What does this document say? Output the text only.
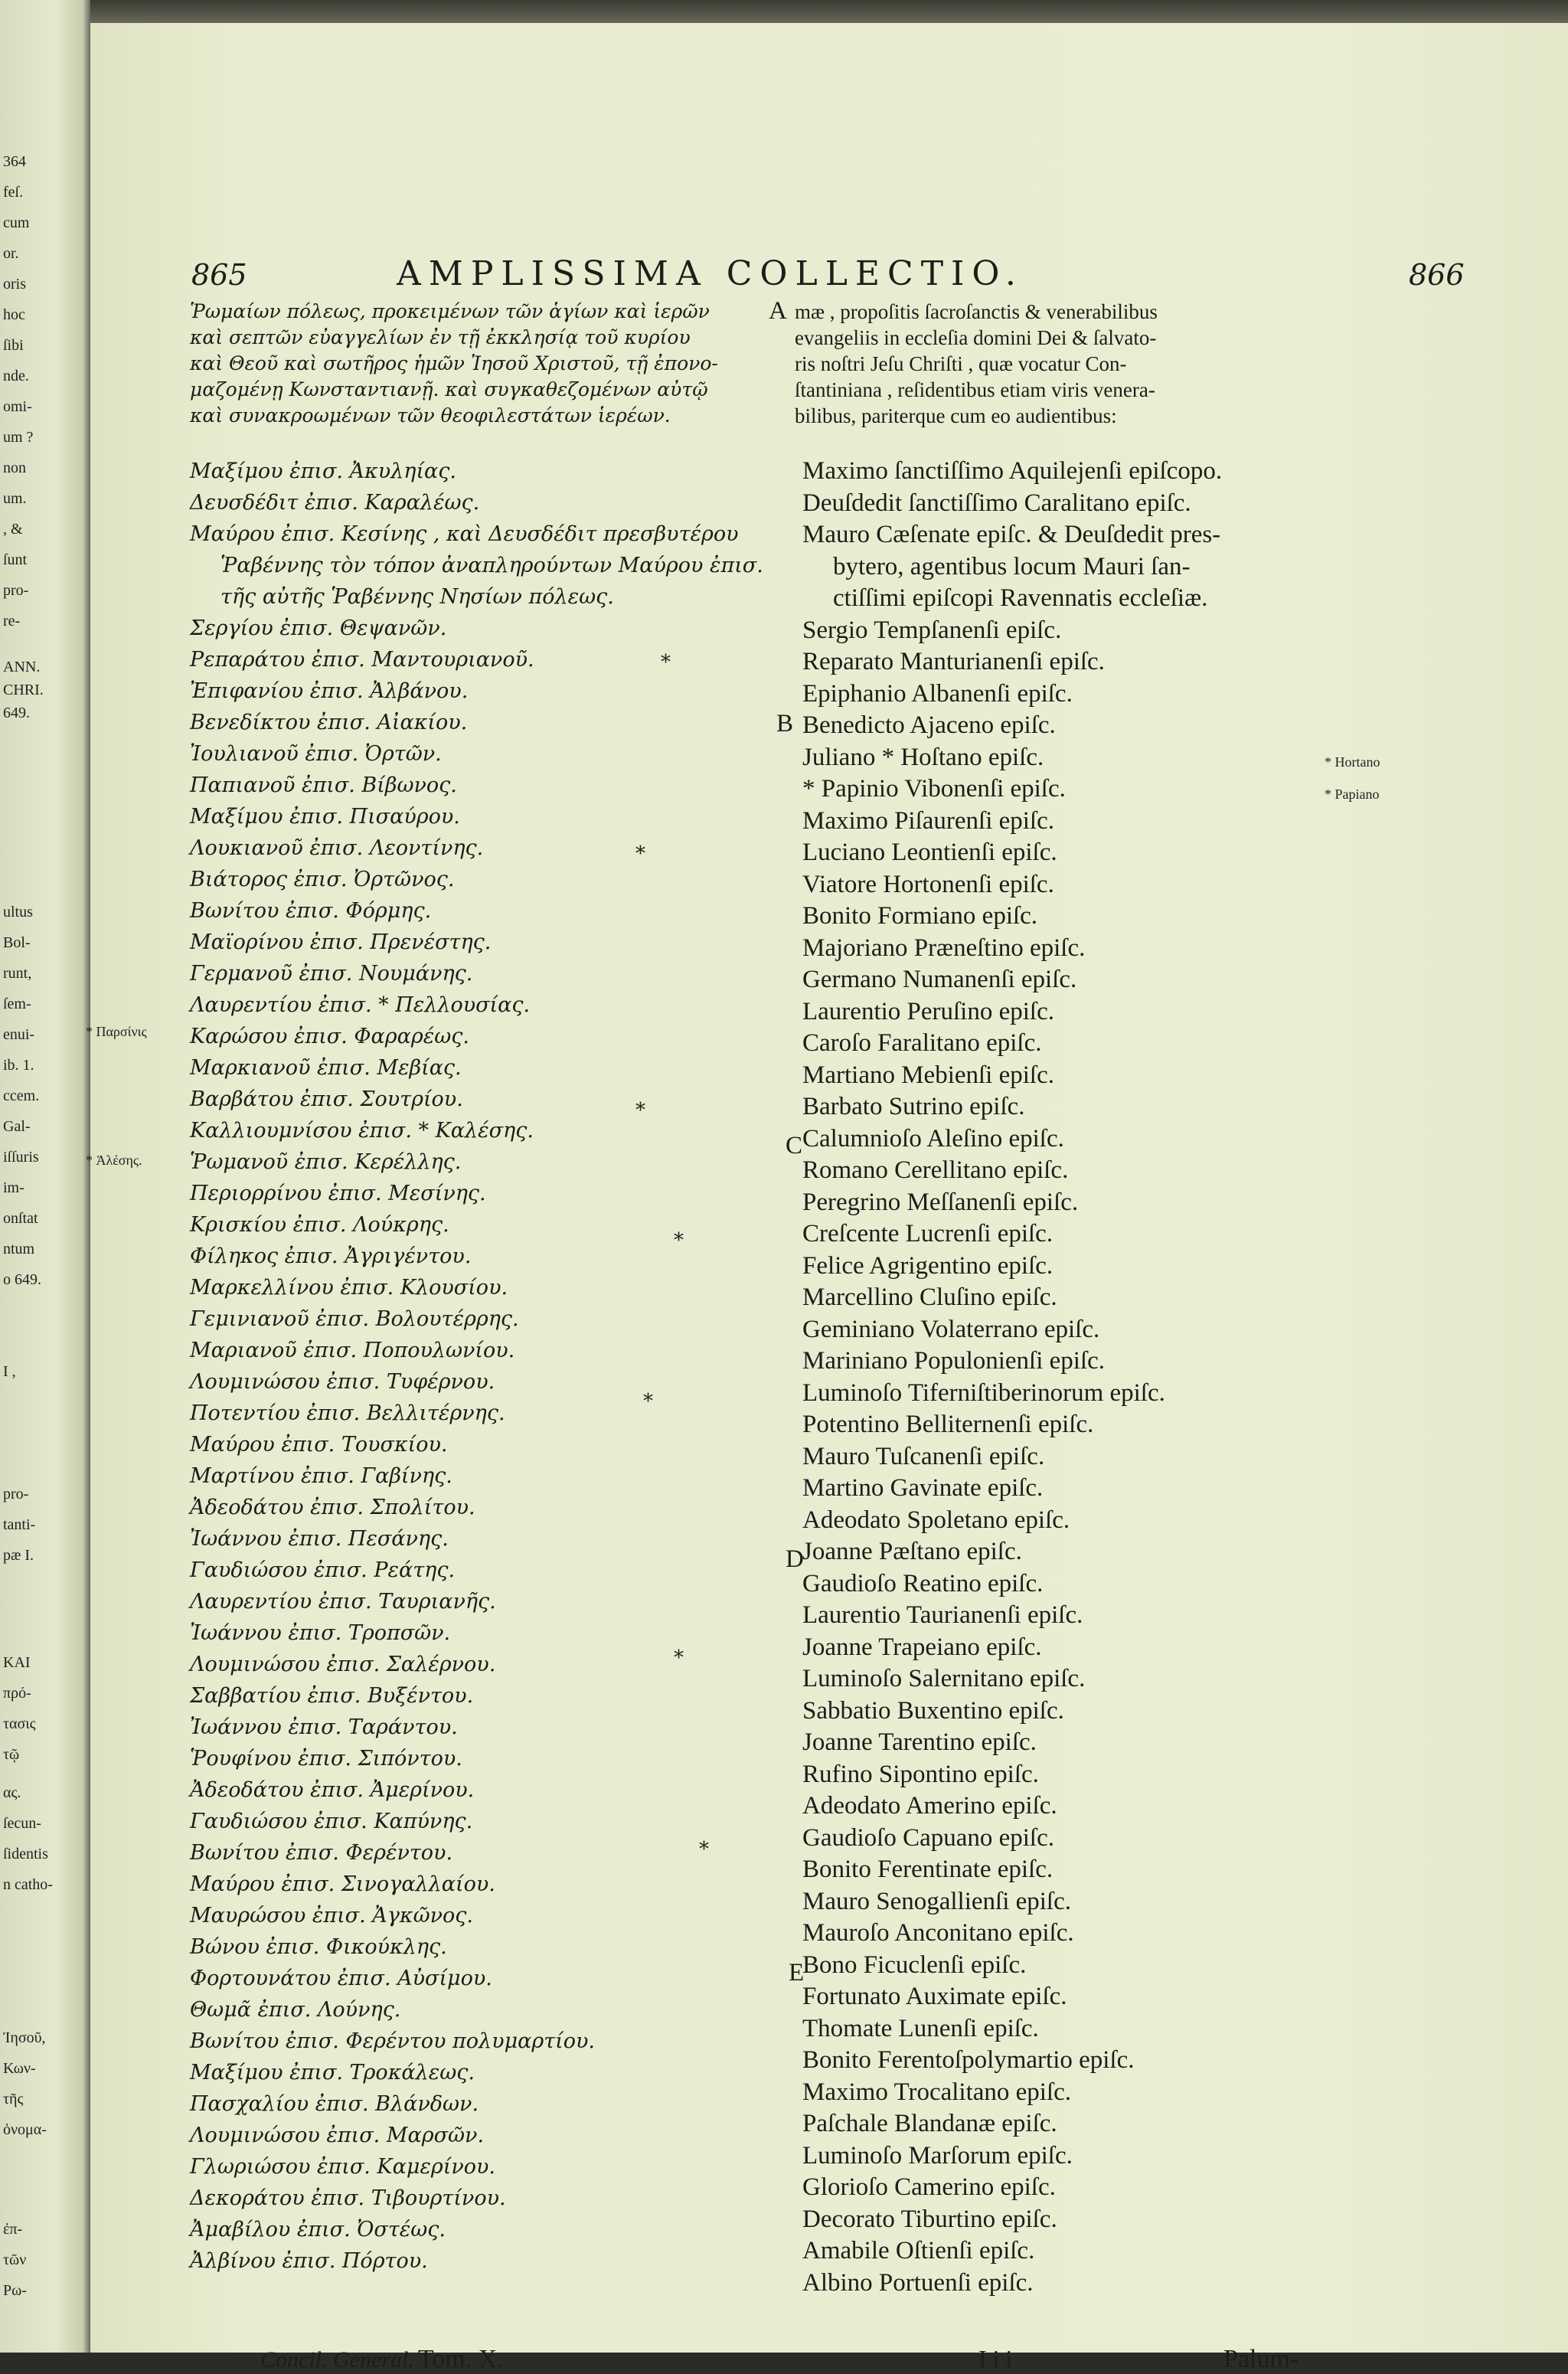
364
feſ.
cum
or.
oris
hoc
ſibi
nde.
omi-
um ?
non
um.
, &
ſunt
pro-
re-
ANN.
CHRI.
649.
ultus
Bol-
runt,
ſem-
enui-
ib. 1.
ccem.
Gal-
iſſuris
im-
onſtat
ntum
o 649.
I ,
pro-
tanti-
pæ I.
KAI
πρό-
τασις
τῷ
ας.
ſecun-
ſidentis
n catho-
Ἰησοῦ,
Κων-
τῆς
ὀνομα-
ἐπ-
τῶν
Ρω-
865	AMPLISSIMA COLLECTIO.	866
Ῥωμαίων πόλεως, προκειμένων τῶν ἁγίων καὶ ἱερῶν
καὶ σεπτῶν εὐαγγελίων ἐν τῇ ἐκκλησίᾳ τοῦ κυρίου
καὶ Θεοῦ καὶ σωτῆρος ἡμῶν Ἰησοῦ Χριστοῦ, τῇ ἐπονο-
μαζομένῃ Κωνσταντιανῇ. καὶ συγκαθεζομένων αὐτῷ
καὶ συνακροωμένων τῶν θεοφιλεστάτων ἱερέων.
mæ , propoſitis ſacroſanctis & venerabilibus
evangeliis in eccleſia domini Dei & ſalvato-
ris noſtri Jeſu Chriſti , quæ vocatur Con-
ſtantiniana , reſidentibus etiam viris venera-
bilibus, pariterque cum eo audientibus:
Μαξίμου ἐπισ. Ἀκυληίας.
Δευσδέδιτ ἐπισ. Καραλέως.
Μαύρου ἐπισ. Κεσίνης , καὶ Δευσδέδιτ πρεσβυτέρου
Ῥαβέννης τὸν τόπον ἀναπληρούντων Μαύρου ἐπισ.
τῆς αὐτῆς Ῥαβέννης Νησίων πόλεως.
Σεργίου ἐπισ. Θεψανῶν.
Ρεπαράτου ἐπισ. Μαντουριανοῦ.
Ἐπιφανίου ἐπισ. Ἀλβάνου.
Βενεδίκτου ἐπισ. Αἰακίου.
Ἰουλιανοῦ ἐπισ. Ὀρτῶν.
Παπιανοῦ ἐπισ. Βίβωνος.
Μαξίμου ἐπισ. Πισαύρου.
Λουκιανοῦ ἐπισ. Λεοντίνης.
Βιάτορος ἐπισ. Ὀρτῶνος.
Βωνίτου ἐπισ. Φόρμης.
Μαϊορίνου ἐπισ. Πρενέστης.
Γερμανοῦ ἐπισ. Νουμάνης.
Λαυρεντίου ἐπισ. * Πελλουσίας.
Καρώσου ἐπισ. Φαραρέως.
Μαρκιανοῦ ἐπισ. Μεβίας.
Βαρβάτου ἐπισ. Σουτρίου.
Καλλιουμνίσου ἐπισ. * Καλέσης.
Ῥωμανοῦ ἐπισ. Κερέλλης.
Περιορρίνου ἐπισ. Μεσίνης.
Κρισκίου ἐπισ. Λούκρης.
Φίληκος ἐπισ. Ἀγριγέντου.
Μαρκελλίνου ἐπισ. Κλουσίου.
Γεμινιανοῦ ἐπισ. Βολουτέρρης.
Μαριανοῦ ἐπισ. Ποπουλωνίου.
Λουμινώσου ἐπισ. Τυφέρνου.
Ποτεντίου ἐπισ. Βελλιτέρνης.
Μαύρου ἐπισ. Τουσκίου.
Μαρτίνου ἐπισ. Γαβίνης.
Ἀδεοδάτου ἐπισ. Σπολίτου.
Ἰωάννου ἐπισ. Πεσάνης.
Γαυδιώσου ἐπισ. Ρεάτης.
Λαυρεντίου ἐπισ. Ταυριανῆς.
Ἰωάννου ἐπισ. Τροπσῶν.
Λουμινώσου ἐπισ. Σαλέρνου.
Σαββατίου ἐπισ. Βυξέντου.
Ἰωάννου ἐπισ. Ταράντου.
Ῥουφίνου ἐπισ. Σιπόντου.
Ἀδεοδάτου ἐπισ. Ἀμερίνου.
Γαυδιώσου ἐπισ. Καπύνης.
Βωνίτου ἐπισ. Φερέντου.
Μαύρου ἐπισ. Σινογαλλαίου.
Μαυρώσου ἐπισ. Ἀγκῶνος.
Βώνου ἐπισ. Φικούκλης.
Φορτουνάτου ἐπισ. Αὐσίμου.
Θωμᾶ ἐπισ. Λούνης.
Βωνίτου ἐπισ. Φερέντου πολυμαρτίου.
Μαξίμου ἐπισ. Τροκάλεως.
Πασχαλίου ἐπισ. Βλάνδων.
Λουμινώσου ἐπισ. Μαρσῶν.
Γλωριώσου ἐπισ. Καμερίνου.
Δεκοράτου ἐπισ. Τιβουρτίνου.
Ἀμαβίλου ἐπισ. Ὀστέως.
Ἀλβίνου ἐπισ. Πόρτου.
Maximo ſanctiſſimo Aquilejenſi epiſcopo.
Deuſdedit ſanctiſſimo Caralitano epiſc.
Mauro Cæſenate epiſc. & Deuſdedit pres-
bytero, agentibus locum Mauri ſan-
ctiſſimi epiſcopi Ravennatis eccleſiæ.
Sergio Tempſanenſi epiſc.
Reparato Manturianenſi epiſc.
Epiphanio Albanenſi epiſc.
Benedicto Ajaceno epiſc.
Juliano * Hoſtano epiſc.
* Papinio Vibonenſi epiſc.
Maximo Piſaurenſi epiſc.
Luciano Leontienſi epiſc.
Viatore Hortonenſi epiſc.
Bonito Formiano epiſc.
Majoriano Præneſtino epiſc.
Germano Numanenſi epiſc.
Laurentio Peruſino epiſc.
Caroſo Faralitano epiſc.
Martiano Mebienſi epiſc.
Barbato Sutrino epiſc.
Calumnioſo Aleſino epiſc.
Romano Cerellitano epiſc.
Peregrino Meſſanenſi epiſc.
Creſcente Lucrenſi epiſc.
Felice Agrigentino epiſc.
Marcellino Cluſino epiſc.
Geminiano Volaterrano epiſc.
Mariniano Populonienſi epiſc.
Luminoſo Tiferniſtiberinorum epiſc.
Potentino Belliternenſi epiſc.
Mauro Tuſcanenſi epiſc.
Martino Gavinate epiſc.
Adeodato Spoletano epiſc.
Joanne Pæſtano epiſc.
Gaudioſo Reatino epiſc.
Laurentio Taurianenſi epiſc.
Joanne Trapeiano epiſc.
Luminoſo Salernitano epiſc.
Sabbatio Buxentino epiſc.
Joanne Tarentino epiſc.
Rufino Sipontino epiſc.
Adeodato Amerino epiſc.
Gaudioſo Capuano epiſc.
Bonito Ferentinate epiſc.
Mauro Senogallienſi epiſc.
Mauroſo Anconitano epiſc.
Bono Ficuclenſi epiſc.
Fortunato Auximate epiſc.
Thomate Lunenſi epiſc.
Bonito Ferentoſpolymartio epiſc.
Maximo Trocalitano epiſc.
Paſchale Blandanæ epiſc.
Luminoſo Marſorum epiſc.
Glorioſo Camerino epiſc.
Decorato Tiburtino epiſc.
Amabile Oſtienſi epiſc.
Albino Portuenſi epiſc.
A
B
C
D
E
* Hortano
* Papiano
* Παρσίνις
* Ἀλέσης.
*
*
*
*
*
*
*
Concil. General. Tom. X.	I i i	Palum-
